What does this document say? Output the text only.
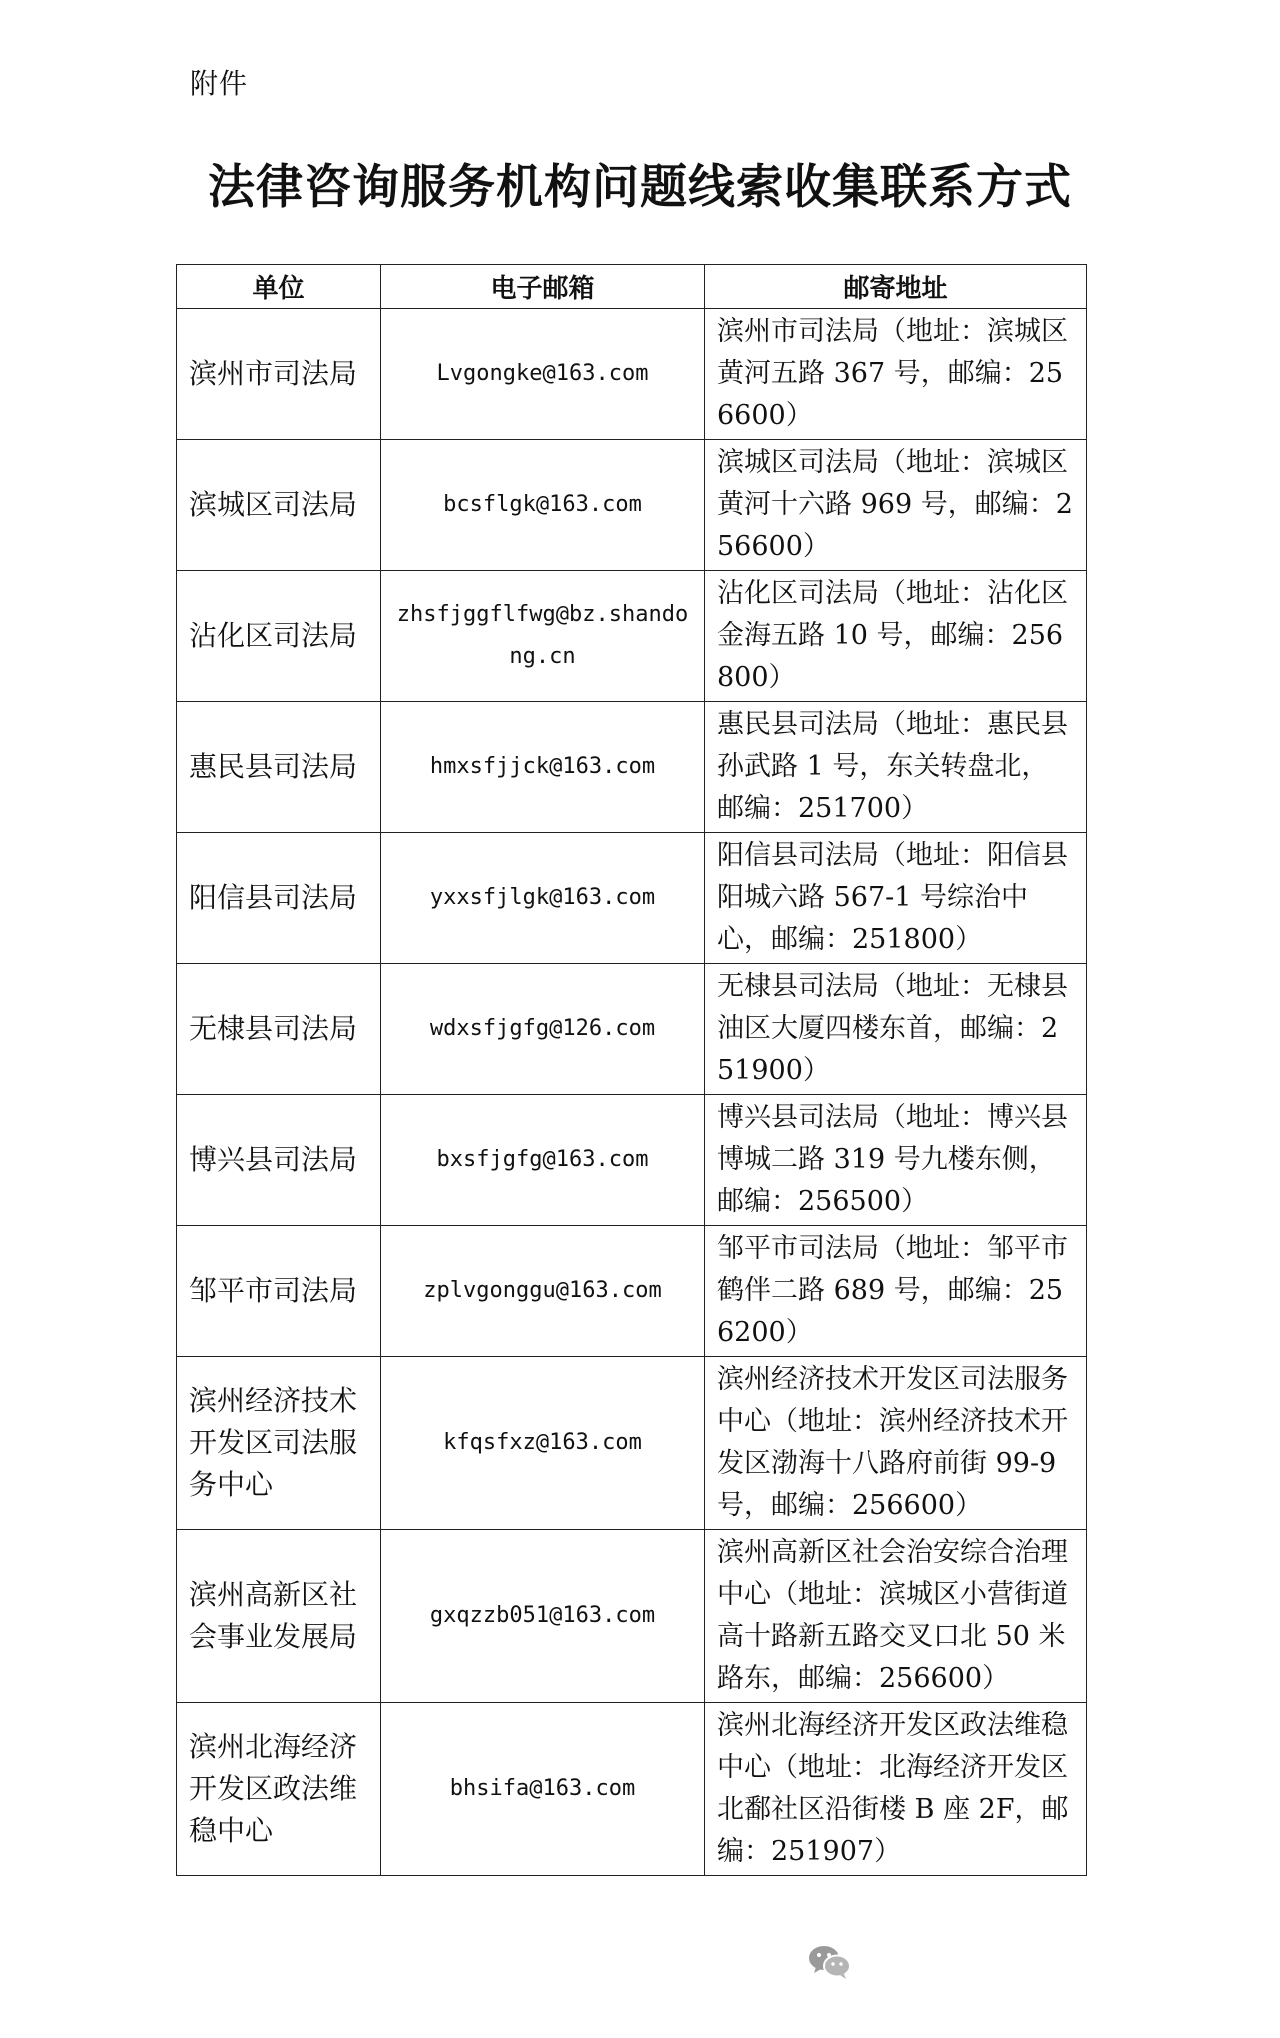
附件
法律咨询服务机构问题线索收集联系方式
单位	电子邮箱	邮寄地址
滨州市司法局	Lvgongke@163.com	滨州市司法局（地址：滨城区黄河五路 367 号，邮编：256600）
滨城区司法局	bcsflgk@163.com	滨城区司法局（地址：滨城区黄河十六路 969 号，邮编：256600）
沾化区司法局	zhsfjggflfwg@bz.shandong.cn	沾化区司法局（地址：沾化区金海五路 10 号，邮编：256800）
惠民县司法局	hmxsfjjck@163.com	惠民县司法局（地址：惠民县孙武路 1 号，东关转盘北，邮编：251700）
阳信县司法局	yxxsfjlgk@163.com	阳信县司法局（地址：阳信县阳城六路 567-1 号综治中心，邮编：251800）
无棣县司法局	wdxsfjgfg@126.com	无棣县司法局（地址：无棣县油区大厦四楼东首，邮编：251900）
博兴县司法局	bxsfjgfg@163.com	博兴县司法局（地址：博兴县博城二路 319 号九楼东侧，邮编：256500）
邹平市司法局	zplvgonggu@163.com	邹平市司法局（地址：邹平市鹤伴二路 689 号，邮编：256200）
滨州经济技术开发区司法服务中心	kfqsfxz@163.com	滨州经济技术开发区司法服务中心（地址：滨州经济技术开发区渤海十八路府前街 99-9 号，邮编：256600）
滨州高新区社会事业发展局	gxqzzb051@163.com	滨州高新区社会治安综合治理中心（地址：滨城区小营街道高十路新五路交叉口北 50 米路东，邮编：256600）
滨州北海经济开发区政法维稳中心	bhsifa@163.com	滨州北海经济开发区政法维稳中心（地址：北海经济开发区北鄱社区沿街楼 B 座 2F，邮编：251907）
